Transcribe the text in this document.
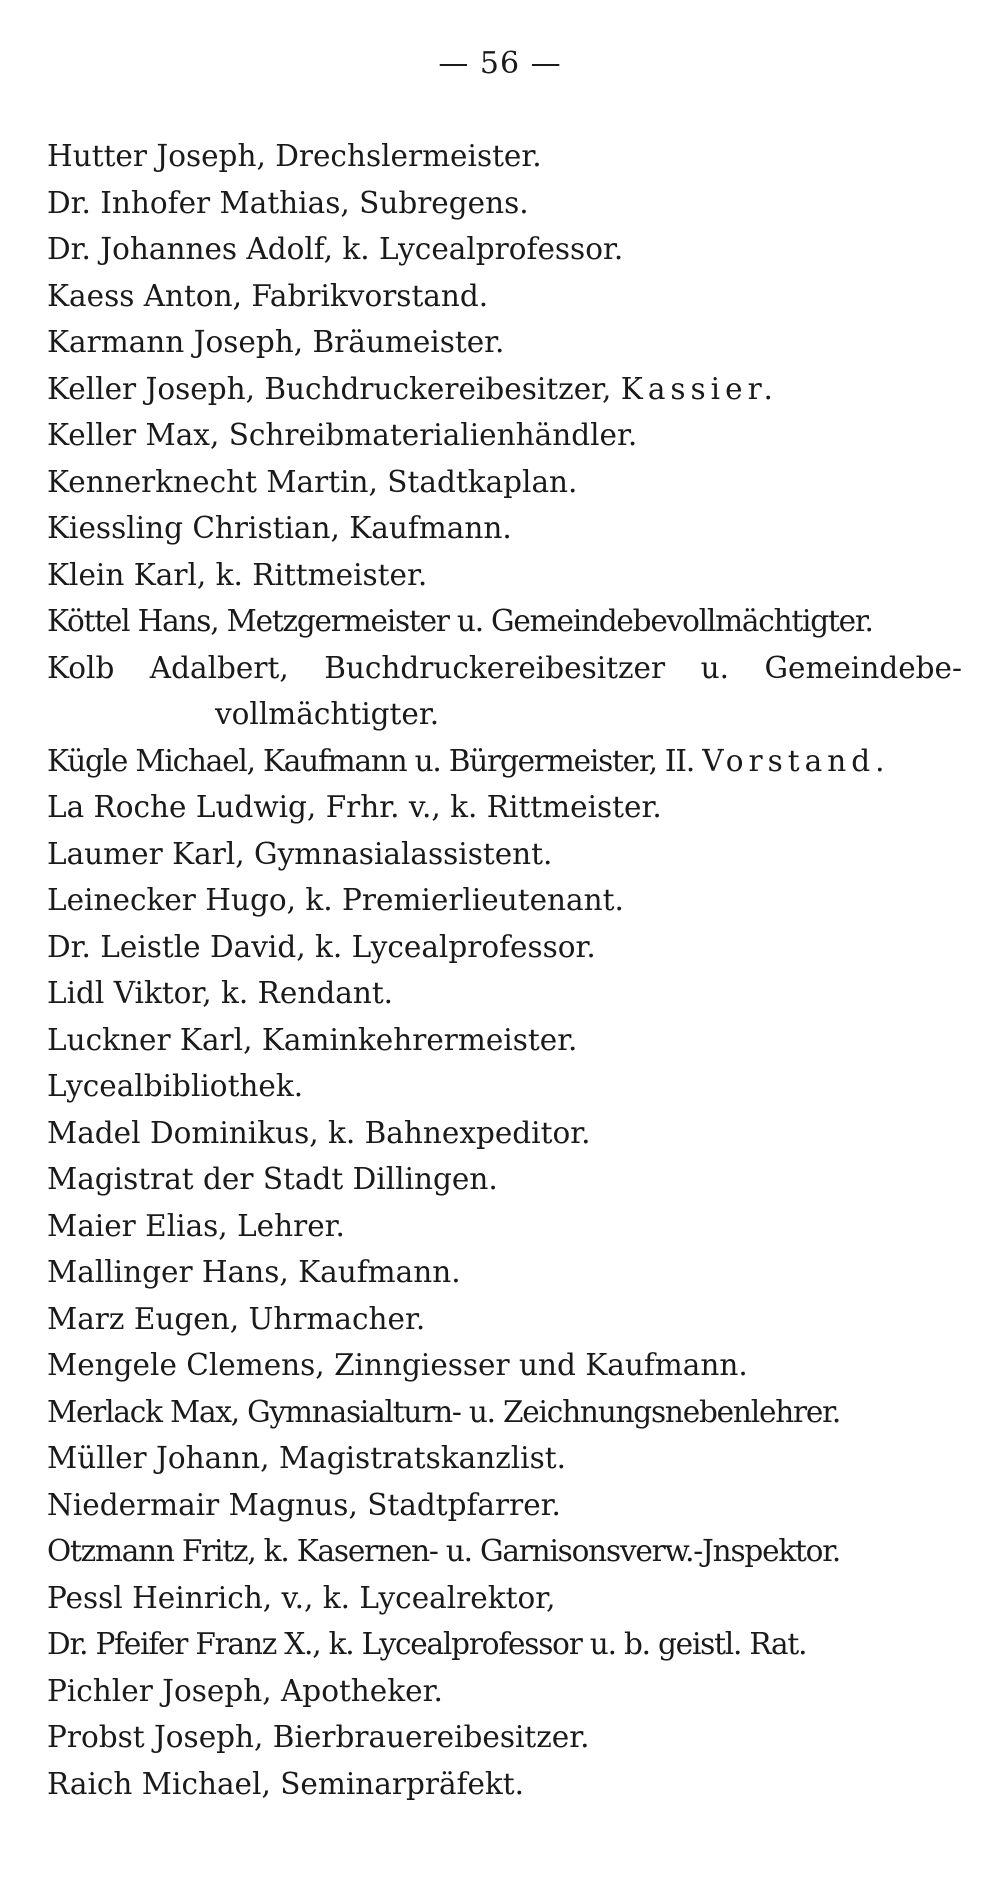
— 56 —
Hutter Joseph, Drechslermeister.
Dr. Inhofer Mathias, Subregens.
Dr. Johannes Adolf, k. Lycealprofessor.
Kaess Anton, Fabrikvorstand.
Karmann Joseph, Bräumeister.
Keller Joseph, Buchdruckereibesitzer, Kassier.
Keller Max, Schreibmaterialienhändler.
Kennerknecht Martin, Stadtkaplan.
Kiessling Christian, Kaufmann.
Klein Karl, k. Rittmeister.
Köttel Hans, Metzgermeister u. Gemeindebevollmächtigter.
Kolb Adalbert, Buchdruckereibesitzer u. Gemeindebe-
vollmächtigter.
Kügle Michael, Kaufmann u. Bürgermeister, II. Vorstand.
La Roche Ludwig, Frhr. v., k. Rittmeister.
Laumer Karl, Gymnasialassistent.
Leinecker Hugo, k. Premierlieutenant.
Dr. Leistle David, k. Lycealprofessor.
Lidl Viktor, k. Rendant.
Luckner Karl, Kaminkehrermeister.
Lycealbibliothek.
Madel Dominikus, k. Bahnexpeditor.
Magistrat der Stadt Dillingen.
Maier Elias, Lehrer.
Mallinger Hans, Kaufmann.
Marz Eugen, Uhrmacher.
Mengele Clemens, Zinngiesser und Kaufmann.
Merlack Max, Gymnasialturn- u. Zeichnungsnebenlehrer.
Müller Johann, Magistratskanzlist.
Niedermair Magnus, Stadtpfarrer.
Otzmann Fritz, k. Kasernen- u. Garnisonsverw.-Jnspektor.
Pessl Heinrich, v., k. Lycealrektor,
Dr. Pfeifer Franz X., k. Lycealprofessor u. b. geistl. Rat.
Pichler Joseph, Apotheker.
Probst Joseph, Bierbrauereibesitzer.
Raich Michael, Seminarpräfekt.
